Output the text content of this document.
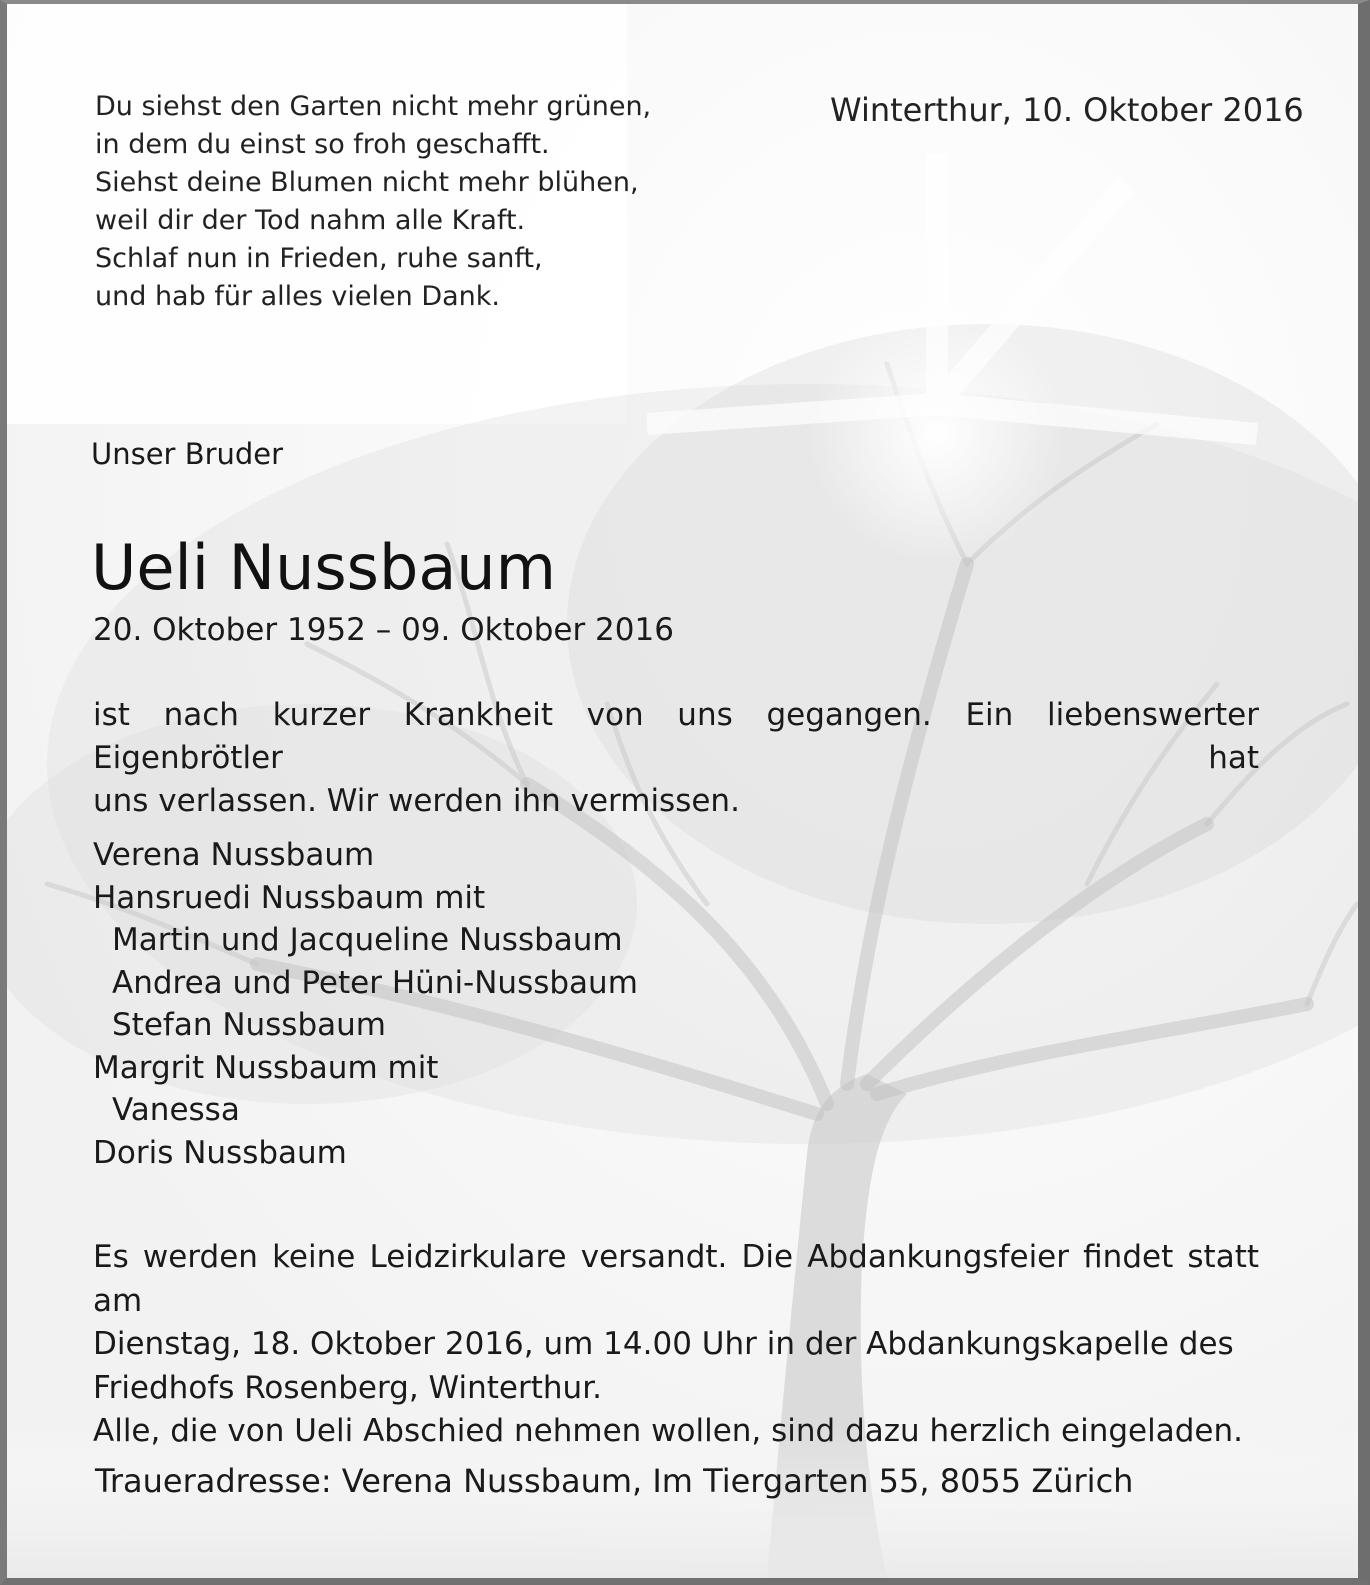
Du siehst den Garten nicht mehr grünen,
in dem du einst so froh geschafft.
Siehst deine Blumen nicht mehr blühen,
weil dir der Tod nahm alle Kraft.
Schlaf nun in Frieden, ruhe sanft,
und hab für alles vielen Dank.
Winterthur, 10. Oktober 2016
Unser Bruder
Ueli Nussbaum
20. Oktober 1952 – 09. Oktober 2016
ist nach kurzer Krankheit von uns gegangen. Ein liebenswerter Eigenbrötler hat
uns verlassen. Wir werden ihn vermissen.
Verena Nussbaum
Hansruedi Nussbaum mit
Martin und Jacqueline Nussbaum
Andrea und Peter Hüni-Nussbaum
Stefan Nussbaum
Margrit Nussbaum mit
Vanessa
Doris Nussbaum
Es werden keine Leidzirkulare versandt. Die Abdankungsfeier findet statt am
Dienstag, 18. Oktober 2016, um 14.00 Uhr in der Abdankungskapelle des
Friedhofs Rosenberg, Winterthur.
Alle, die von Ueli Abschied nehmen wollen, sind dazu herzlich eingeladen.
Traueradresse: Verena Nussbaum, Im Tiergarten 55, 8055 Zürich
